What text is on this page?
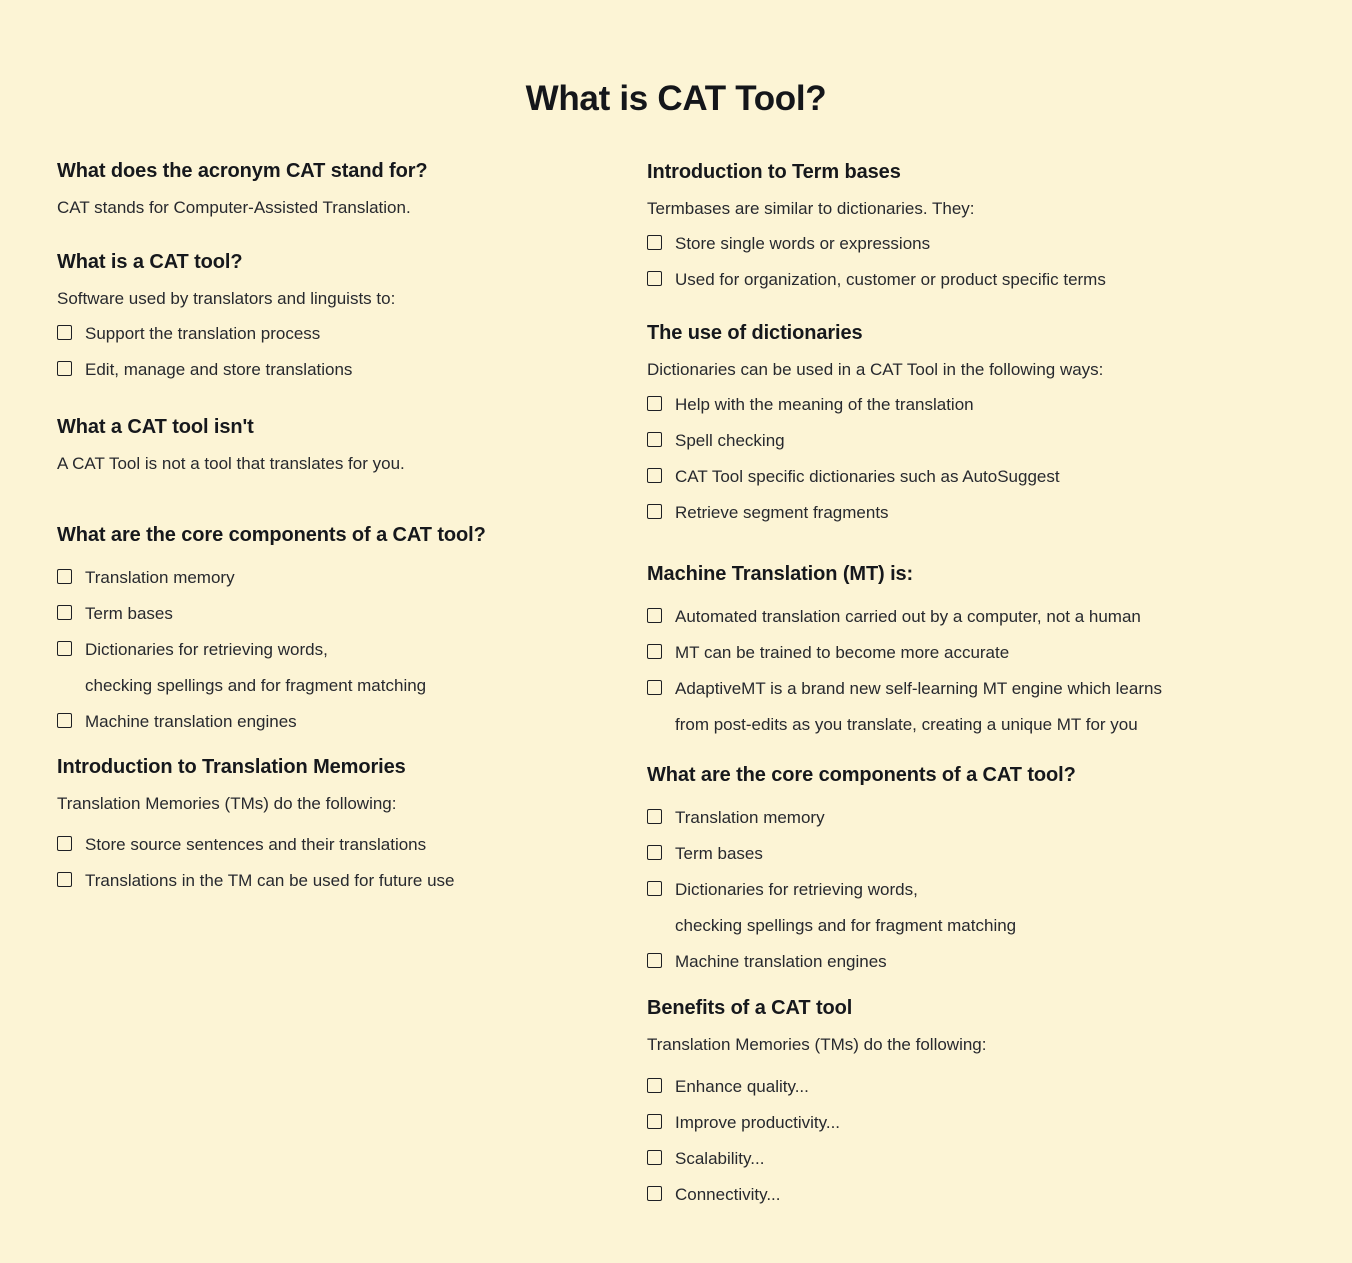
What is CAT Tool?
What does the acronym CAT stand for?

CAT stands for Computer-Assisted Translation.

What is a CAT tool?

Software used by translators and linguists to:

Support the translation process
Edit, manage and store translations
What a CAT tool isn't

A CAT Tool is not a tool that translates for you.

What are the core components of a CAT tool?
Translation memory
Term bases
Dictionaries for retrieving words,
checking spellings and for fragment matching
Machine translation engines
Introduction to Translation Memories

Translation Memories (TMs) do the following:

Store source sentences and their translations
Translations in the TM can be used for future use
Introduction to Term bases

Termbases are similar to dictionaries. They:

Store single words or expressions
Used for organization, customer or product specific terms
The use of dictionaries

Dictionaries can be used in a CAT Tool in the following ways:

Help with the meaning of the translation
Spell checking
CAT Tool specific dictionaries such as AutoSuggest
Retrieve segment fragments
Machine Translation (MT) is:
Automated translation carried out by a computer, not a human
MT can be trained to become more accurate
AdaptiveMT is a brand new self-learning MT engine which learns
from post-edits as you translate, creating a unique MT for you
What are the core components of a CAT tool?
Translation memory
Term bases
Dictionaries for retrieving words,
checking spellings and for fragment matching
Machine translation engines
Benefits of a CAT tool

Translation Memories (TMs) do the following:

Enhance quality...
Improve productivity...
Scalability...
Connectivity...
